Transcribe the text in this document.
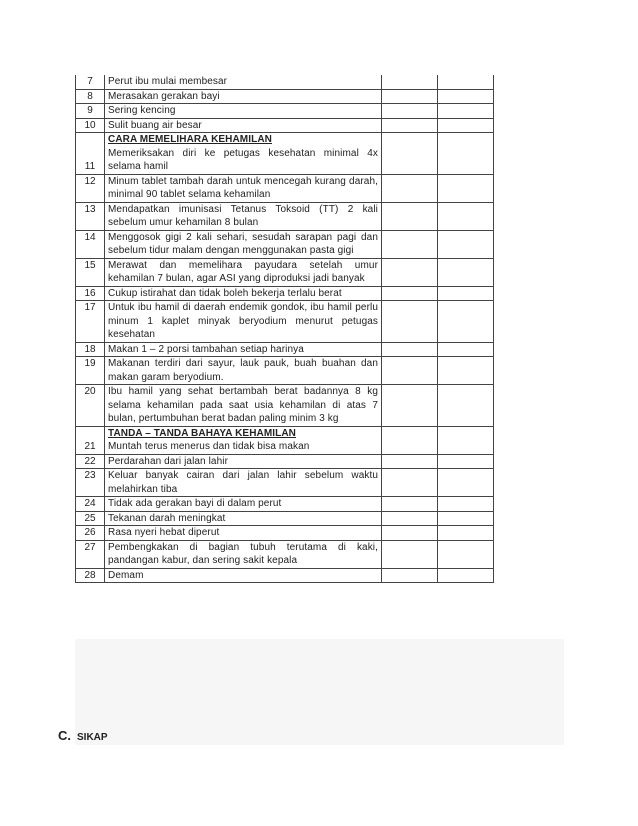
7	Perut ibu mulai membesar		
8	Merasakan gerakan bayi		
9	Sering kencing		
10	Sulit buang air besar		
11	CARA MEMELIHARA KEHAMILAN
Memeriksakan diri ke petugas kesehatan minimal 4x selama hamil		
12	Minum tablet tambah darah untuk mencegah kurang darah, minimal 90 tablet selama kehamilan		
13	Mendapatkan imunisasi Tetanus Toksoid (TT) 2 kali sebelum umur kehamilan 8 bulan		
14	Menggosok gigi 2 kali sehari, sesudah sarapan pagi dan sebelum tidur malam dengan menggunakan pasta gigi		
15	Merawat dan memelihara payudara setelah umur kehamilan 7 bulan, agar ASI yang diproduksi jadi banyak		
16	Cukup istirahat dan tidak boleh bekerja terlalu berat		
17	Untuk ibu hamil di daerah endemik gondok, ibu hamil perlu minum 1 kaplet minyak beryodium menurut petugas kesehatan		
18	Makan 1 – 2 porsi tambahan setiap harinya		
19	Makanan terdiri dari sayur, lauk pauk, buah buahan dan makan garam beryodium.		
20	Ibu hamil yang sehat bertambah berat badannya 8 kg selama kehamilan pada saat usia kehamilan di atas 7 bulan, pertumbuhan berat badan paling minim 3 kg		
21	TANDA – TANDA BAHAYA KEHAMILAN
Muntah terus menerus dan tidak bisa makan		
22	Perdarahan dari jalan lahir		
23	Keluar banyak cairan dari jalan lahir sebelum waktu melahirkan tiba		
24	Tidak ada gerakan bayi di dalam perut		
25	Tekanan darah meningkat		
26	Rasa nyeri hebat diperut		
27	Pembengkakan di bagian tubuh terutama di kaki, pandangan kabur, dan sering sakit kepala		
28	Demam		
C. SIKAP
